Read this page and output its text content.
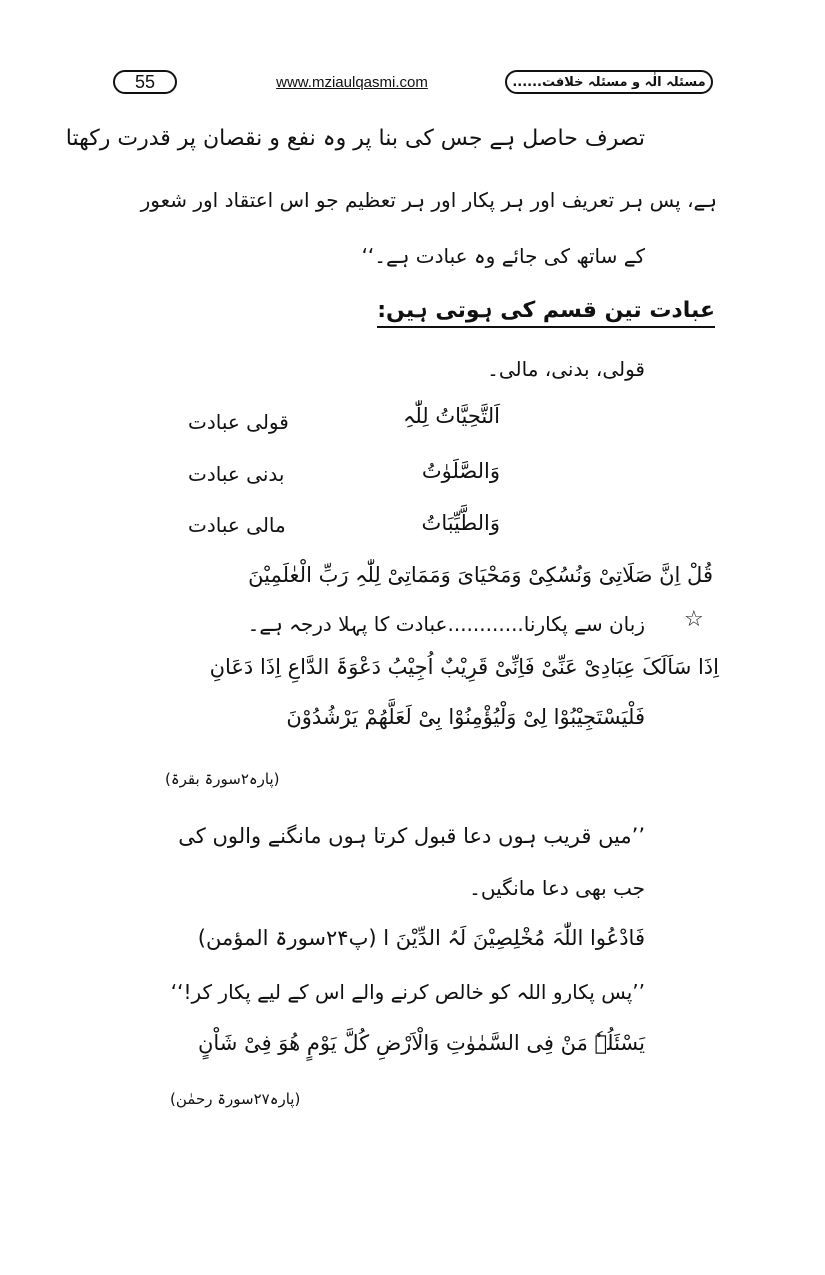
55	www.mziaulqasmi.com	مسئلہ الٰہ و مسئلہ خلافت......
تصرف حاصل ہے جس کی بنا پر وہ نفع و نقصان پر قدرت رکھتا
ہے، پس ہر تعریف اور ہر پکار اور ہر تعظیم جو اس اعتقاد اور شعور
کے ساتھ کی جائے وہ عبادت ہے۔‘‘
عبادت تین قسم کی ہوتی ہیں:
قولی، بدنی، مالی۔
اَلتَّحِیَّاتُ لِلّٰہِ
قولی عبادت
وَالصَّلَوٰتُ
بدنی عبادت
وَالطَّیِّبَاتُ
مالی عبادت
قُلْ اِنَّ صَلَاتِیْ وَنُسُکِیْ وَمَحْیَایَ وَمَمَاتِیْ لِلّٰہِ رَبِّ الْعٰلَمِیْنَ
☆
زبان سے پکارنا............عبادت کا پہلا درجہ ہے۔
اِذَا سَاَلَکَ عِبَادِیْ عَنِّیْ فَاِنِّیْ قَرِیْبٌ اُجِیْبُ دَعْوَۃَ الدَّاعِ اِذَا دَعَانِ
فَلْیَسْتَجِیْبُوْا لِیْ وَلْیُؤْمِنُوْا بِیْ لَعَلَّھُمْ یَرْشُدُوْنَ
(پارہ۲سورۃ بقرۃ)
’’میں قریب ہوں دعا قبول کرتا ہوں مانگنے والوں کی
جب بھی دعا مانگیں۔
فَادْعُوا اللّٰہَ مُخْلِصِیْنَ لَہُ الدِّیْنَ ا (پ۲۴سورۃ المؤمن)
’’پس پکارو اللہ کو خالص کرنے والے اس کے لیے پکار کر!‘‘
یَسْئَلُہٗ مَنْ فِی السَّمٰوٰتِ وَالْاَرْضِ کُلَّ یَوْمٍ ھُوَ فِیْ شَاْنٍ
(پارہ۲۷سورۃ رحمٰن)
